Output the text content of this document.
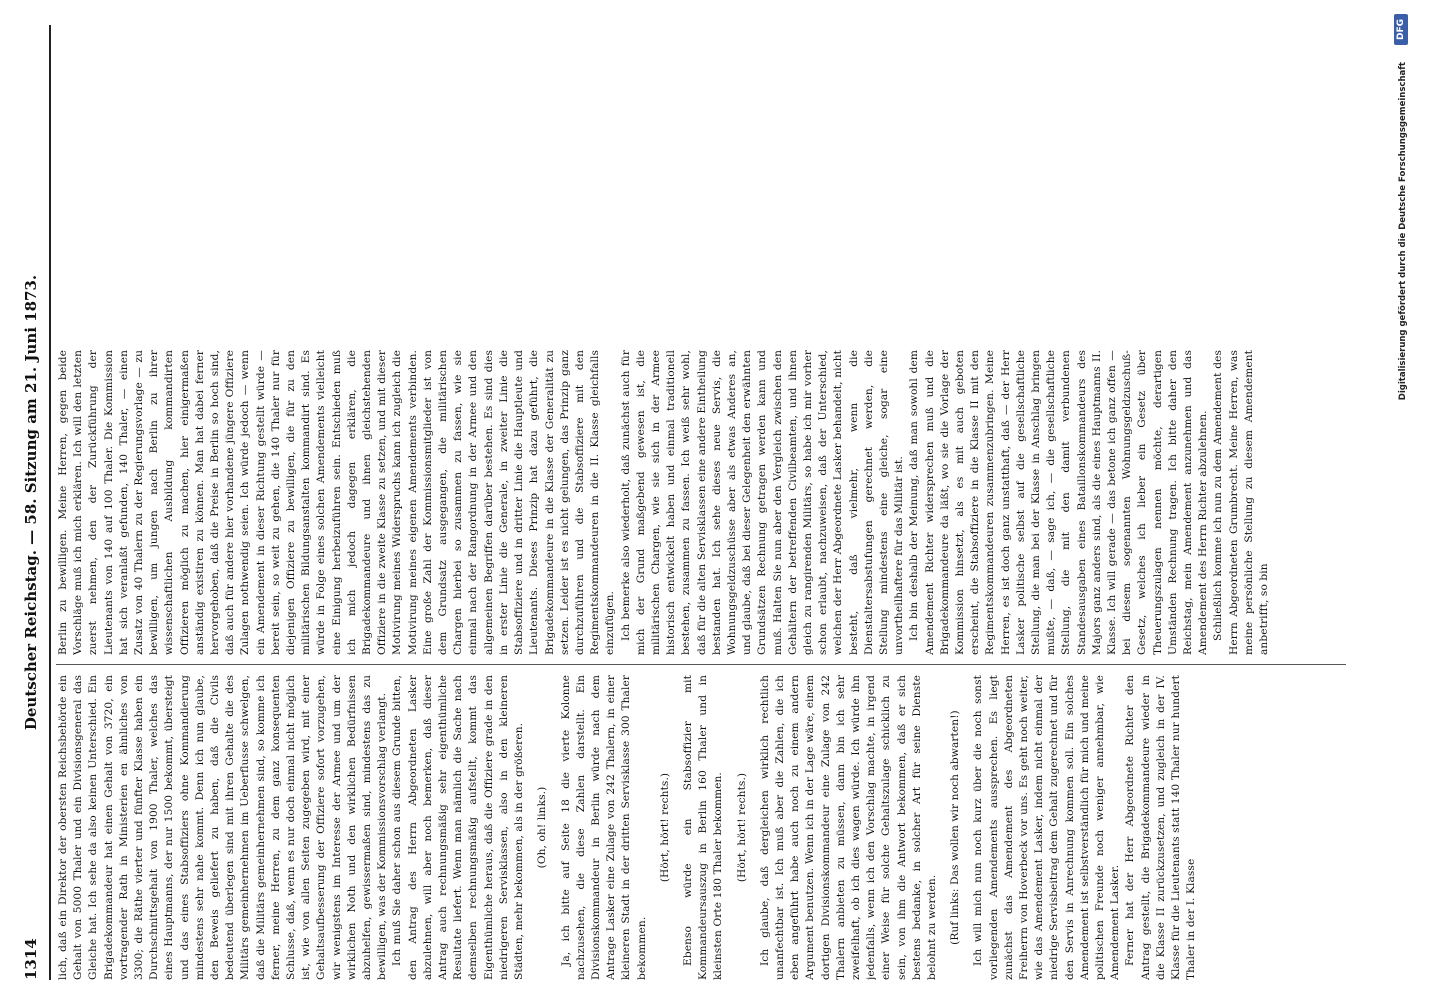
1314
Deutscher Reichstag. — 58. Sitzung am 21. Juni 1873.

lich, daß ein Direktor der obersten Reichsbehörde ein Gehalt von 5000 Thaler und ein Divisionsgeneral das Gleiche hat. Ich sehe da also keinen Unterschied. Ein Brigadekommandeur hat einen Gehalt von 3720, ein vortragender Rath in Ministerien en ähnliches von 3300; die Räthe vierter und fünfter Klasse haben ein Durchschnittsgehalt von 1900 Thaler, welches das eines Hauptmanns, der nur 1500 bekommt, übersteigt und das eines Stabsoffiziers ohne Kommandierung mindestens sehr nahe kommt. Denn ich nun glaube, den Beweis geliefert zu haben, daß die Civils bedeutend überlegen sind mit ihren Gehalte die des Militärs gemeinhernehmen im Ueberflusse schwelgen, daß die Militärs gemeinhernehmen sind, so komme ich ferner, meine Herren, zu dem ganz konsequenten Schlusse, daß, wenn es nur doch einmal nicht möglich ist, wie von allen Seiten zugegeben wird, mit einer Gehaltsaufbesserung der Offiziere sofort vorzugehen, wir wenigstens im Interesse der Armee und um der wirklichen Noth und den wirklichen Bedürfnissen abzuhelfen, gewissermaßen sind, mindestens das zu bewilligen, was der Kommissionsvorschlag verlangt. Ich muß Sie daher schon aus diesem Grunde bitten, den Antrag des Herrn Abgeordneten Lasker abzulehnen, will aber noch bemerken, daß dieser Antrag auch rechnungsmäßig sehr eigenthümliche Resultate liefert. Wenn man nämlich die Sache nach demselben rechnungsmäßig aufstellt, kommt das Eigenthümliche heraus, daß die Offiziere grade in den niedrigeren Servisklassen, also in den kleineren Städten, mehr bekommen, als in der größeren. (Oh, oh! links.) Ja, ich bitte auf Seite 18 die vierte Kolonne nachzusehen, die diese Zahlen darstellt. Ein Divisionskommandeur in Berlin würde nach dem Antrage Lasker eine Zulage von 242 Thalern, in einer kleineren Stadt in der dritten Servisklasse 300 Thaler bekommen.

(Hört, hört! rechts.) Ebenso würde ein Stabsoffizier mit Kommandeursauszug in Berlin 160 Thaler und in kleinsten Orte 180 Thaler bekommen. (Hört, hört! rechts.) Ich glaube, daß dergleichen wirklich rechtlich unanfechtbar ist. Ich muß aber die Zahlen, die ich eben angeführt habe auch noch zu einem andern Argument benutzen. Wenn ich in der Lage wäre, einem dortigen Divisionskommandeur eine Zulage von 242 Thalern anbieten zu müssen, dann bin ich sehr zweifelhaft, ob ich dies wagen würde. Ich würde ihn jedenfalls, wenn ich den Vorschlag machte, in irgend einer Weise für solche Gehaltszulage schicklich zu sein, von ihm die Antwort bekommen, daß er sich bestens bedanke, in solcher Art für seine Dienste belohnt zu werden. (Ruf links: Das wollen wir noch abwarten!) Ich will mich nun noch kurz über die noch sonst vorliegenden Amendements aussprechen. Es liegt zunächst das Amendement des Abgeordneten Freiherrn von Hoverbeck vor uns. Es geht noch weiter, wie das Amendement Lasker, indem nicht einmal der niedrige Servisbeitrag dem Gehalt zugerechnet und für den Servis in Anrechnung kommen soll. Ein solches Amendement ist selbstverständlich für mich und meine politischen Freunde noch weniger annehmbar, wie Amendement Lasker. Ferner hat der Herr Abgeordnete Richter den Antrag gestellt, die Brigadekommandeure wieder in die Klasse II zurückzusetzen, und zugleich in der IV. Klasse für die Lieutenants statt 140 Thaler nur hundert Thaler in der I. Klasse

Berlin zu bewilligen. Meine Herren, gegen beide Vorschläge muß ich mich erklären. Ich will den letzten zuerst nehmen, den der Zurückführung der Lieutenants von 140 auf 100 Thaler. Die Kommission hat sich veranlaßt gefunden, 140 Thaler, — einen Zusatz von 40 Thalern zu der Regierungsvorlage — zu bewilligen, um jungen nach Berlin zu ihrer wissenschaftlichen Ausbildung kommandirten Offizieren möglich zu machen, hier einigermaßen anständig existiren zu können. Man hat dabei ferner hervorgehoben, daß die Preise in Berlin so hoch sind, daß auch für andere hier vorhandene jüngere Offiziere Zulagen nothwendig seien. Ich würde jedoch — wenn ein Amendement in dieser Richtung gestellt würde — bereit sein, so weit zu gehen, die 140 Thaler nur für diejenigen Offiziere zu bewilligen, die für zu den militärischen Bildungsanstalten kommandirt sind. Es würde in Folge eines solchen Amendements vielleicht eine Einigung herbeizuführen sein. Entschieden muß ich mich jedoch dagegen erklären, die Brigadekommandeure und ihnen gleichstehenden Offiziere in die zweite Klasse zu setzen, und mit dieser Motivirung meines Widerspruchs kann ich zugleich die Motivirung meines eigenen Amendements verbinden. Eine große Zahl der Kommissionsmitglieder ist von dem Grundsatz ausgegangen, die militärischen Chargen hierbei so zusammen zu fassen, wie sie einmal nach der Rangordnung in der Armee und den allgemeinen Begriffen darüber bestehen. Es sind dies in erster Linie die Generale, in zweiter Linie die Stabsoffiziere und in dritter Linie die Hauptleute und Lieutenants. Dieses Prinzip hat dazu geführt, die Brigadekommandeure in die Klasse der Generalität zu setzen. Leider ist es nicht gelungen, das Prinzip ganz durchzuführen und die Stabsoffiziere mit den Regimentskommandeuren in die II. Klasse gleichfalls einzufügen. Ich bemerke also wiederholt, daß zunächst auch für mich der Grund maßgebend gewesen ist, die militärischen Chargen, wie sie sich in der Armee historisch entwickelt haben und einmal traditionell bestehen, zusammen zu fassen. Ich weiß sehr wohl, daß für die alten Servisklassen eine andere Eintheilung bestanden hat. Ich sehe dieses neue Servis, die Wohnungsgeldzuschüsse aber als etwas Anderes an, und glaube, daß bei dieser Gelegenheit den erwähnten Grundsätzen Rechnung getragen werden kann und muß. Halten Sie nun aber den Vergleich zwischen den Gehältern der betreffenden Civilbeamten, und ihnen gleich zu rangirenden Militärs, so habe ich mir vorher schon erlaubt, nachzuweisen, daß der Unterschied, welchen der Herr Abgeordnete Lasker behandelt, nicht besteht, daß vielmehr, wenn die Dienstaltersabstufungen gerechnet werden, die Stellung mindestens eine gleiche, sogar eine unvortheilhaftere für das Militär ist. Ich bin deshalb der Meinung, daß man sowohl dem Amendement Richter widersprechen muß und die Brigadekommandeure da läßt, wo sie die Vorlage der Kommission hinsetzt, als es mit auch geboten erscheint, die Stabsoffiziere in die Klasse II mit den Regimentskommandeuren zusammenzubringen. Meine Herren, es ist doch ganz unstatthaft, daß — der Herr Lasker politische selbst auf die gesellschaftliche Stellung, die man bei der Klasse in Anschlag bringen mußte, — daß, — sage ich, — die gesellschaftliche Stellung, die mit den damit verbundenen Standesausgaben eines Bataillonskommandeurs des Majors ganz anders sind, als die eines Hauptmanns II. Klasse. Ich will gerade — das betone ich ganz offen — bei diesem sogenannten Wohnungsgeldzuschuß-Gesetz, welches ich lieber ein Gesetz über Theuerungszulagen nennen möchte, derartigen Umständen Rechnung tragen. Ich bitte daher den Reichstag, mein Amendement anzunehmen und das Amendement des Herrn Richter abzulehnen. Schließlich komme ich nun zu dem Amendement des Herrn Abgeordneten Grumbrecht. Meine Herren, was meine persönliche Stellung zu diesem Amendement anbetrifft, so bin

Digitalisierung gefördert durch die Deutsche Forschungsgemeinschaft
DFG
